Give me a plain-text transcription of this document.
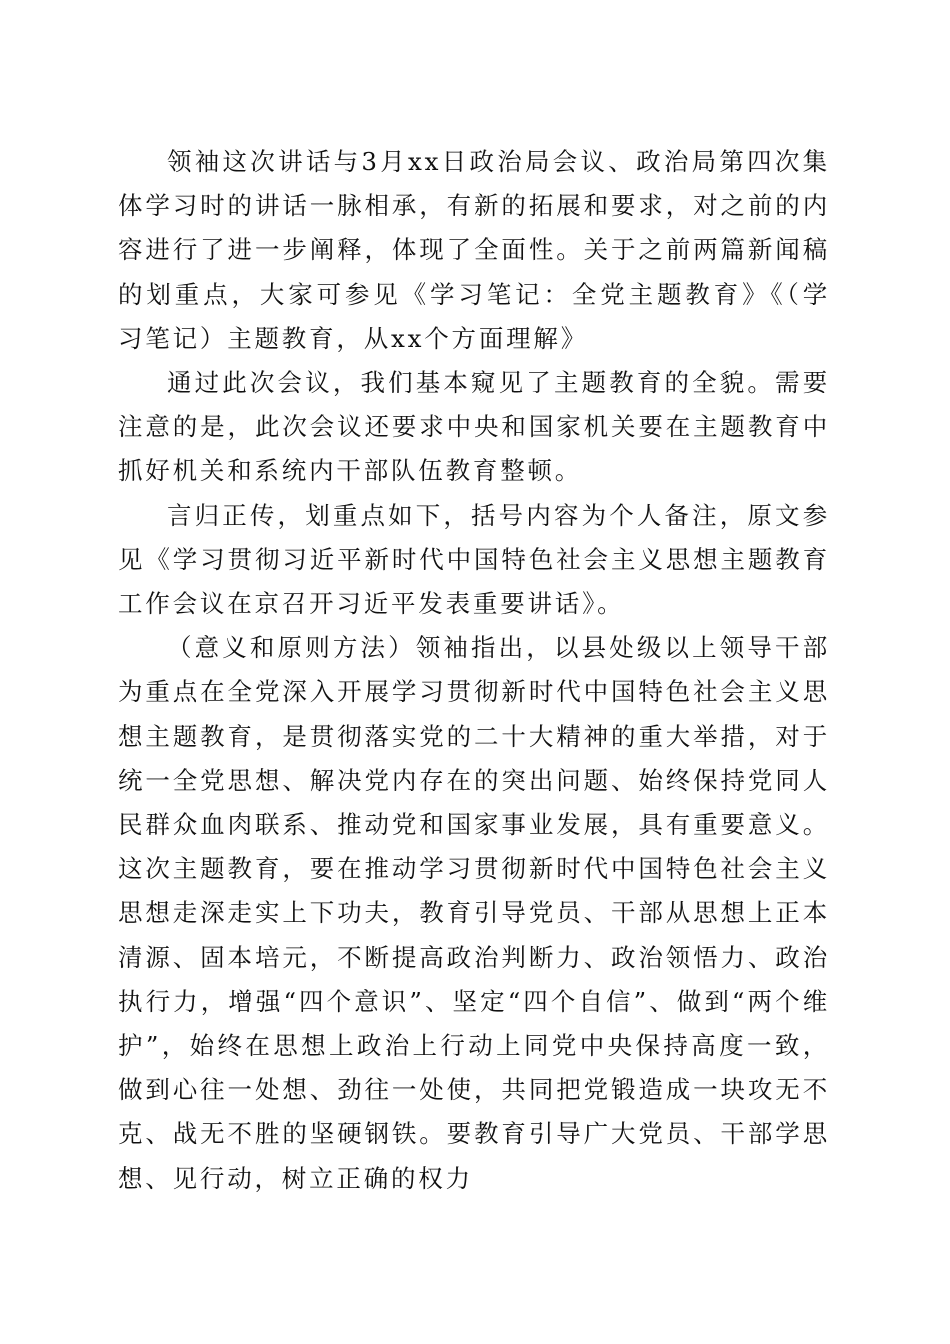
领袖这次讲话与3月xx日政治局会议、政治局第四次集体学习时的讲话一脉相承，有新的拓展和要求，对之前的内容进行了进一步阐释，体现了全面性。关于之前两篇新闻稿的划重点，大家可参见《学习笔记：全党主题教育》《（学习笔记）主题教育，从xx个方面理解》

通过此次会议，我们基本窥见了主题教育的全貌。需要注意的是，此次会议还要求中央和国家机关要在主题教育中抓好机关和系统内干部队伍教育整顿。

言归正传，划重点如下，括号内容为个人备注，原文参见《学习贯彻习近平新时代中国特色社会主义思想主题教育工作会议在京召开习近平发表重要讲话》。

（意义和原则方法）领袖指出，以县处级以上领导干部为重点在全党深入开展学习贯彻新时代中国特色社会主义思想主题教育，是贯彻落实党的二十大精神的重大举措，对于统一全党思想、解决党内存在的突出问题、始终保持党同人民群众血肉联系、推动党和国家事业发展，具有重要意义。这次主题教育，要在推动学习贯彻新时代中国特色社会主义思想走深走实上下功夫，教育引导党员、干部从思想上正本清源、固本培元，不断提高政治判断力、政治领悟力、政治执行力，增强“四个意识”、坚定“四个自信”、做到“两个维护”，始终在思想上政治上行动上同党中央保持高度一致，做到心往一处想、劲往一处使，共同把党锻造成一块攻无不克、战无不胜的坚硬钢铁。要教育引导广大党员、干部学思想、见行动，树立正确的权力
